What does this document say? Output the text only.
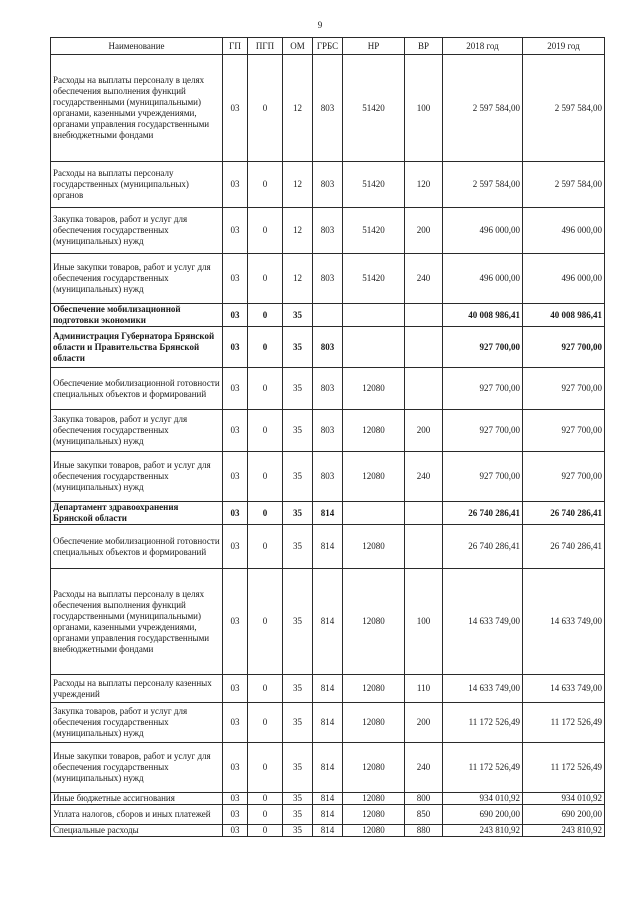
9
Наименование	ГП	ПГП	ОМ	ГРБС	НР	ВР	2018 год	2019 год
Расходы на выплаты персоналу в целях обеспечения выполнения функций государственными (муниципальными) органами, казенными учреждениями, органами управления государственными внебюджетными фондами	03	0	12	803	51420	100	2 597 584,00	2 597 584,00
Расходы на выплаты персоналу государственных (муниципальных) органов	03	0	12	803	51420	120	2 597 584,00	2 597 584,00
Закупка товаров, работ и услуг для обеспечения государственных (муниципальных) нужд	03	0	12	803	51420	200	496 000,00	496 000,00
Иные закупки товаров, работ и услуг для обеспечения государственных (муниципальных) нужд	03	0	12	803	51420	240	496 000,00	496 000,00
Обеспечение мобилизационной подготовки экономики	03	0	35				40 008 986,41	40 008 986,41
Администрация Губернатора Брянской области и Правительства Брянской области	03	0	35	803			927 700,00	927 700,00
Обеспечение мобилизационной готовности специальных объектов и формирований	03	0	35	803	12080		927 700,00	927 700,00
Закупка товаров, работ и услуг для обеспечения государственных (муниципальных) нужд	03	0	35	803	12080	200	927 700,00	927 700,00
Иные закупки товаров, работ и услуг для обеспечения государственных (муниципальных) нужд	03	0	35	803	12080	240	927 700,00	927 700,00
Департамент здравоохранения Брянской области	03	0	35	814			26 740 286,41	26 740 286,41
Обеспечение мобилизационной готовности специальных объектов и формирований	03	0	35	814	12080		26 740 286,41	26 740 286,41
Расходы на выплаты персоналу в целях обеспечения выполнения функций государственными (муниципальными) органами, казенными учреждениями, органами управления государственными внебюджетными фондами	03	0	35	814	12080	100	14 633 749,00	14 633 749,00
Расходы на выплаты персоналу казенных учреждений	03	0	35	814	12080	110	14 633 749,00	14 633 749,00
Закупка товаров, работ и услуг для обеспечения государственных (муниципальных) нужд	03	0	35	814	12080	200	11 172 526,49	11 172 526,49
Иные закупки товаров, работ и услуг для обеспечения государственных (муниципальных) нужд	03	0	35	814	12080	240	11 172 526,49	11 172 526,49
Иные бюджетные ассигнования	03	0	35	814	12080	800	934 010,92	934 010,92
Уплата налогов, сборов и иных платежей	03	0	35	814	12080	850	690 200,00	690 200,00
Специальные расходы	03	0	35	814	12080	880	243 810,92	243 810,92
